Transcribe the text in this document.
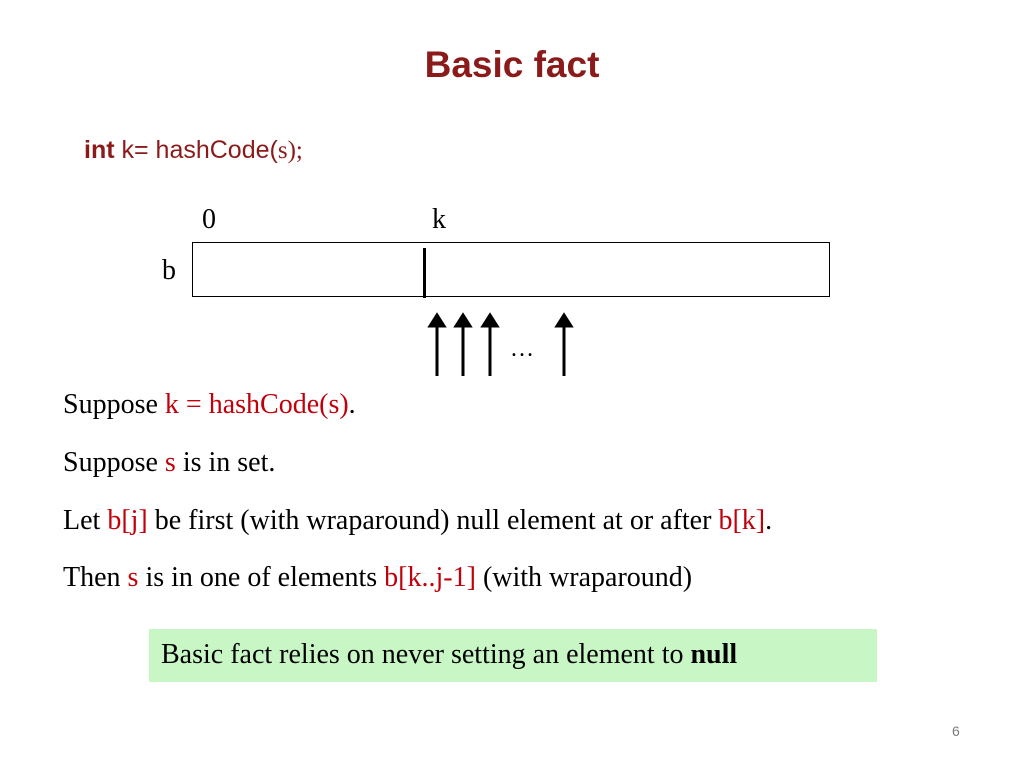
Basic fact
int k= hashCode(s);
0	k
b
…
Suppose k = hashCode(s).
Suppose s is in set.
Let b[j] be first (with wraparound) null element at or after b[k].
Then s is in one of elements b[k..j-1] (with wraparound)
Basic fact relies on never setting an element to null
6
